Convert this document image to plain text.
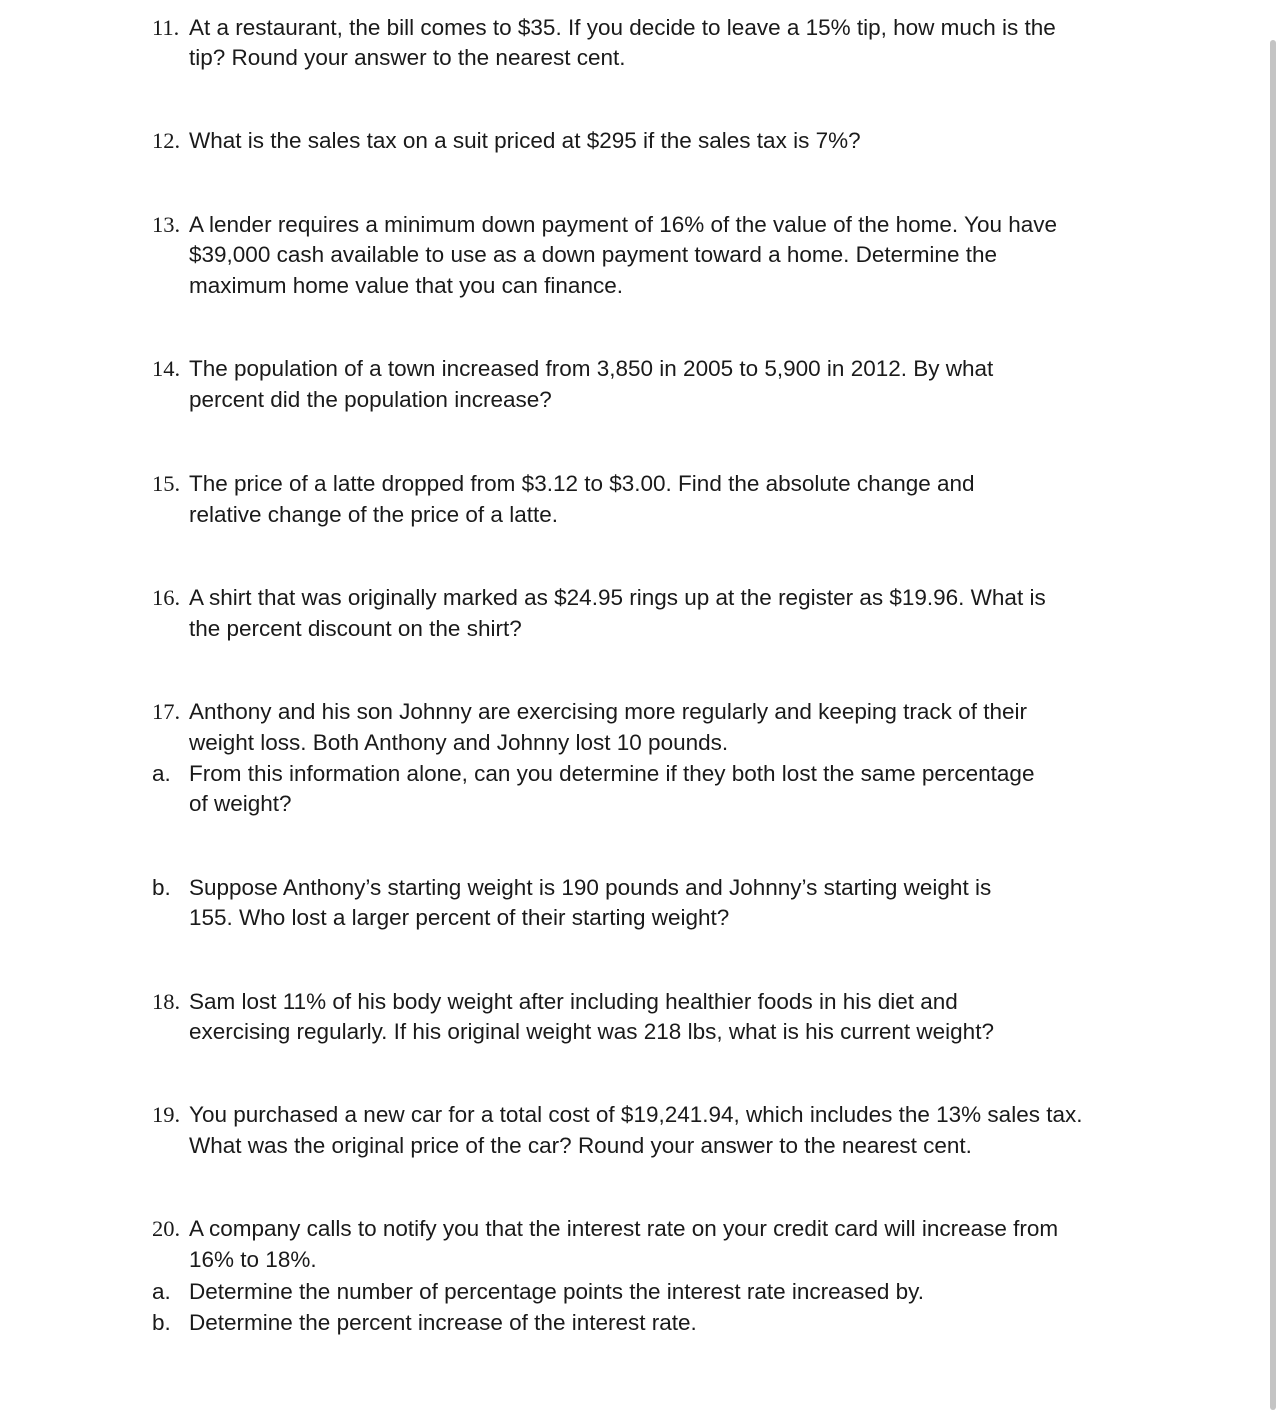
11. At a restaurant, the bill comes to $35. If you decide to leave a 15% tip, how much is the
tip? Round your answer to the nearest cent.
12. What is the sales tax on a suit priced at $295 if the sales tax is 7%?
13. A lender requires a minimum down payment of 16% of the value of the home. You have
$39,000 cash available to use as a down payment toward a home. Determine the
maximum home value that you can finance.
14. The population of a town increased from 3,850 in 2005 to 5,900 in 2012. By what
percent did the population increase?
15. The price of a latte dropped from $3.12 to $3.00. Find the absolute change and
relative change of the price of a latte.
16. A shirt that was originally marked as $24.95 rings up at the register as $19.96. What is
the percent discount on the shirt?
17. Anthony and his son Johnny are exercising more regularly and keeping track of their
weight loss. Both Anthony and Johnny lost 10 pounds.
a. From this information alone, can you determine if they both lost the same percentage
of weight?
b. Suppose Anthony’s starting weight is 190 pounds and Johnny’s starting weight is
155. Who lost a larger percent of their starting weight?
18. Sam lost 11% of his body weight after including healthier foods in his diet and
exercising regularly. If his original weight was 218 lbs, what is his current weight?
19. You purchased a new car for a total cost of $19,241.94, which includes the 13% sales tax.
What was the original price of the car? Round your answer to the nearest cent.
20. A company calls to notify you that the interest rate on your credit card will increase from
16% to 18%.
a. Determine the number of percentage points the interest rate increased by.
b. Determine the percent increase of the interest rate.
